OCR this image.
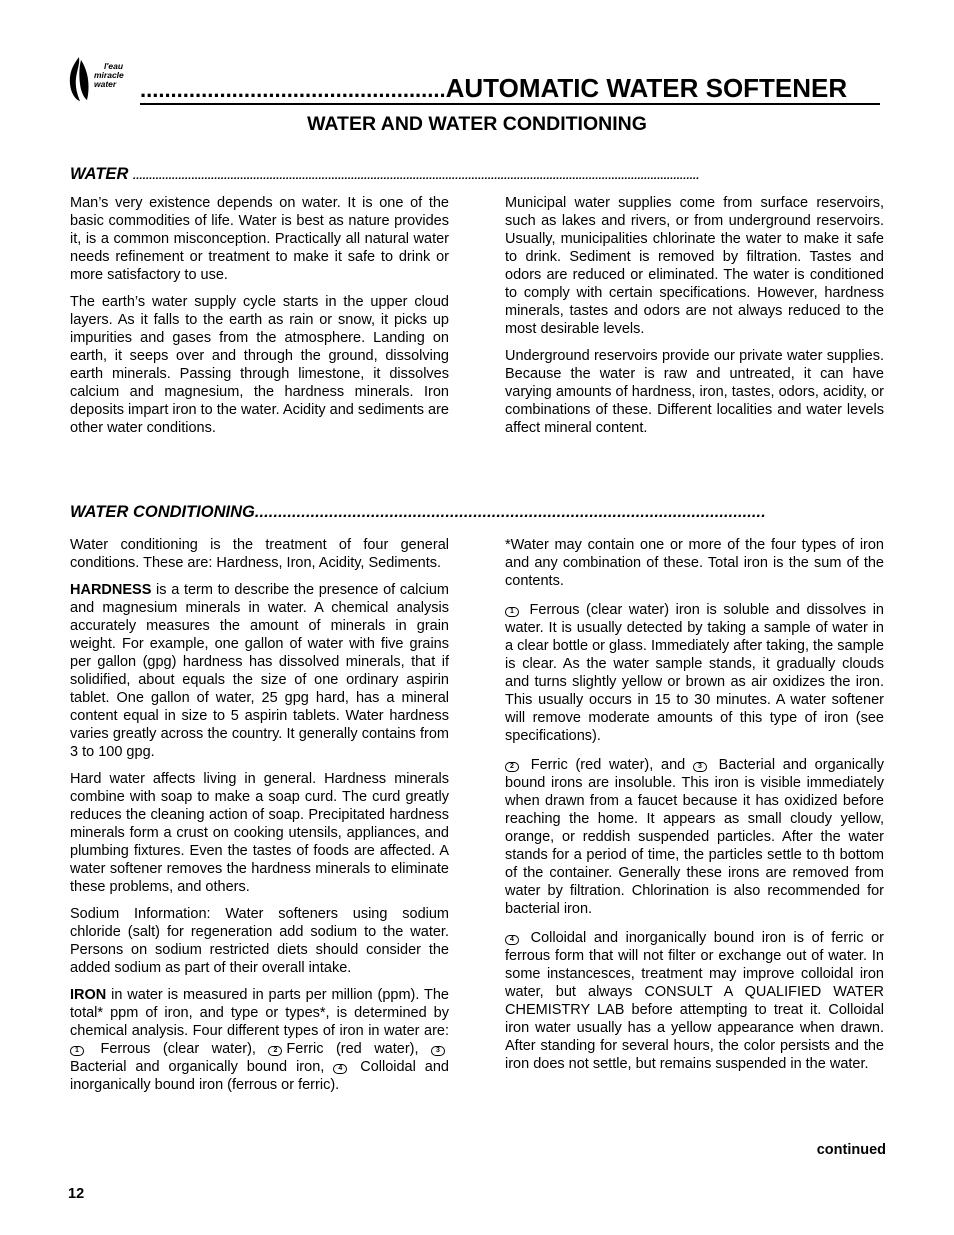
l'eau
miracle
water ..................................................AUTOMATIC WATER SOFTENER
WATER AND WATER CONDITIONING
WATER ..............................................................................................................................................................................

Man’s very existence depends on water. It is one of the basic commodities of life. Water is best as nature provides it, is a common misconception. Practically all natural water needs refinement or treatment to make it safe to drink or more satisfactory to use.

The earth’s water supply cycle starts in the upper cloud layers. As it falls to the earth as rain or snow, it picks up impurities and gases from the atmosphere. Landing on earth, it seeps over and through the ground, dissolving earth minerals. Passing through limestone, it dissolves calcium and magnesium, the hardness minerals. Iron deposits impart iron to the water. Acidity and sediments are other water conditions.

Municipal water supplies come from surface reservoirs, such as lakes and rivers, or from underground reservoirs. Usually, municipalities chlorinate the water to make it safe to drink. Sediment is removed by filtration. Tastes and odors are reduced or eliminated. The water is conditioned to comply with certain specifications. However, hardness minerals, tastes and odors are not always reduced to the most desirable levels.

Underground reservoirs provide our private water supplies. Because the water is raw and untreated, it can have varying amounts of hardness, iron, tastes, odors, acidity, or combinations of these. Different localities and water levels affect mineral content.

WATER CONDITIONING..............................................................................................................

Water conditioning is the treatment of four general conditions. These are: Hardness, Iron, Acidity, Sediments.

HARDNESS is a term to describe the presence of calcium and magnesium minerals in water. A chemical analysis accurately measures the amount of minerals in grain weight. For example, one gallon of water with five grains per gallon (gpg) hardness has dissolved minerals, that if solidified, about equals the size of one ordinary aspirin tablet. One gallon of water, 25 gpg hard, has a mineral content equal in size to 5 aspirin tablets. Water hardness varies greatly across the country. It generally contains from 3 to 100 gpg.

Hard water affects living in general. Hardness minerals combine with soap to make a soap curd. The curd greatly reduces the cleaning action of soap. Precipitated hardness minerals form a crust on cooking utensils, appliances, and plumbing fixtures. Even the tastes of foods are affected. A water softener removes the hardness minerals to eliminate these problems, and others.

Sodium Information: Water softeners using sodium chloride (salt) for regeneration add sodium to the water. Persons on sodium restricted diets should consider the added sodium as part of their overall intake.

IRON in water is measured in parts per million (ppm). The total* ppm of iron, and type or types*, is determined by chemical analysis. Four different types of iron in water are: 1 Ferrous (clear water), 2 Ferric (red water), 3 Bacterial and organically bound iron, 4 Colloidal and inorganically bound iron (ferrous or ferric).

*Water may contain one or more of the four types of iron and any combination of these. Total iron is the sum of the contents.

1 Ferrous (clear water) iron is soluble and dissolves in water. It is usually detected by taking a sample of water in a clear bottle or glass. Immediately after taking, the sample is clear. As the water sample stands, it gradually clouds and turns slightly yellow or brown as air oxidizes the iron. This usually occurs in 15 to 30 minutes. A water softener will remove moderate amounts of this type of iron (see specifications).

2 Ferric (red water), and 3 Bacterial and organically bound irons are insoluble. This iron is visible immediately when drawn from a faucet because it has oxidized before reaching the home. It appears as small cloudy yellow, orange, or reddish suspended particles. After the water stands for a period of time, the particles settle to th bottom of the container. Generally these irons are removed from water by filtration. Chlorination is also recommended for bacterial iron.

4 Colloidal and inorganically bound iron is of ferric or ferrous form that will not filter or exchange out of water. In some instancesces, treatment may improve colloidal iron water, but always CONSULT A QUALIFIED WATER CHEMISTRY LAB before attempting to treat it. Colloidal iron water usually has a yellow appearance when drawn. After standing for several hours, the color persists and the iron does not settle, but remains suspended in the water.

continued
12
